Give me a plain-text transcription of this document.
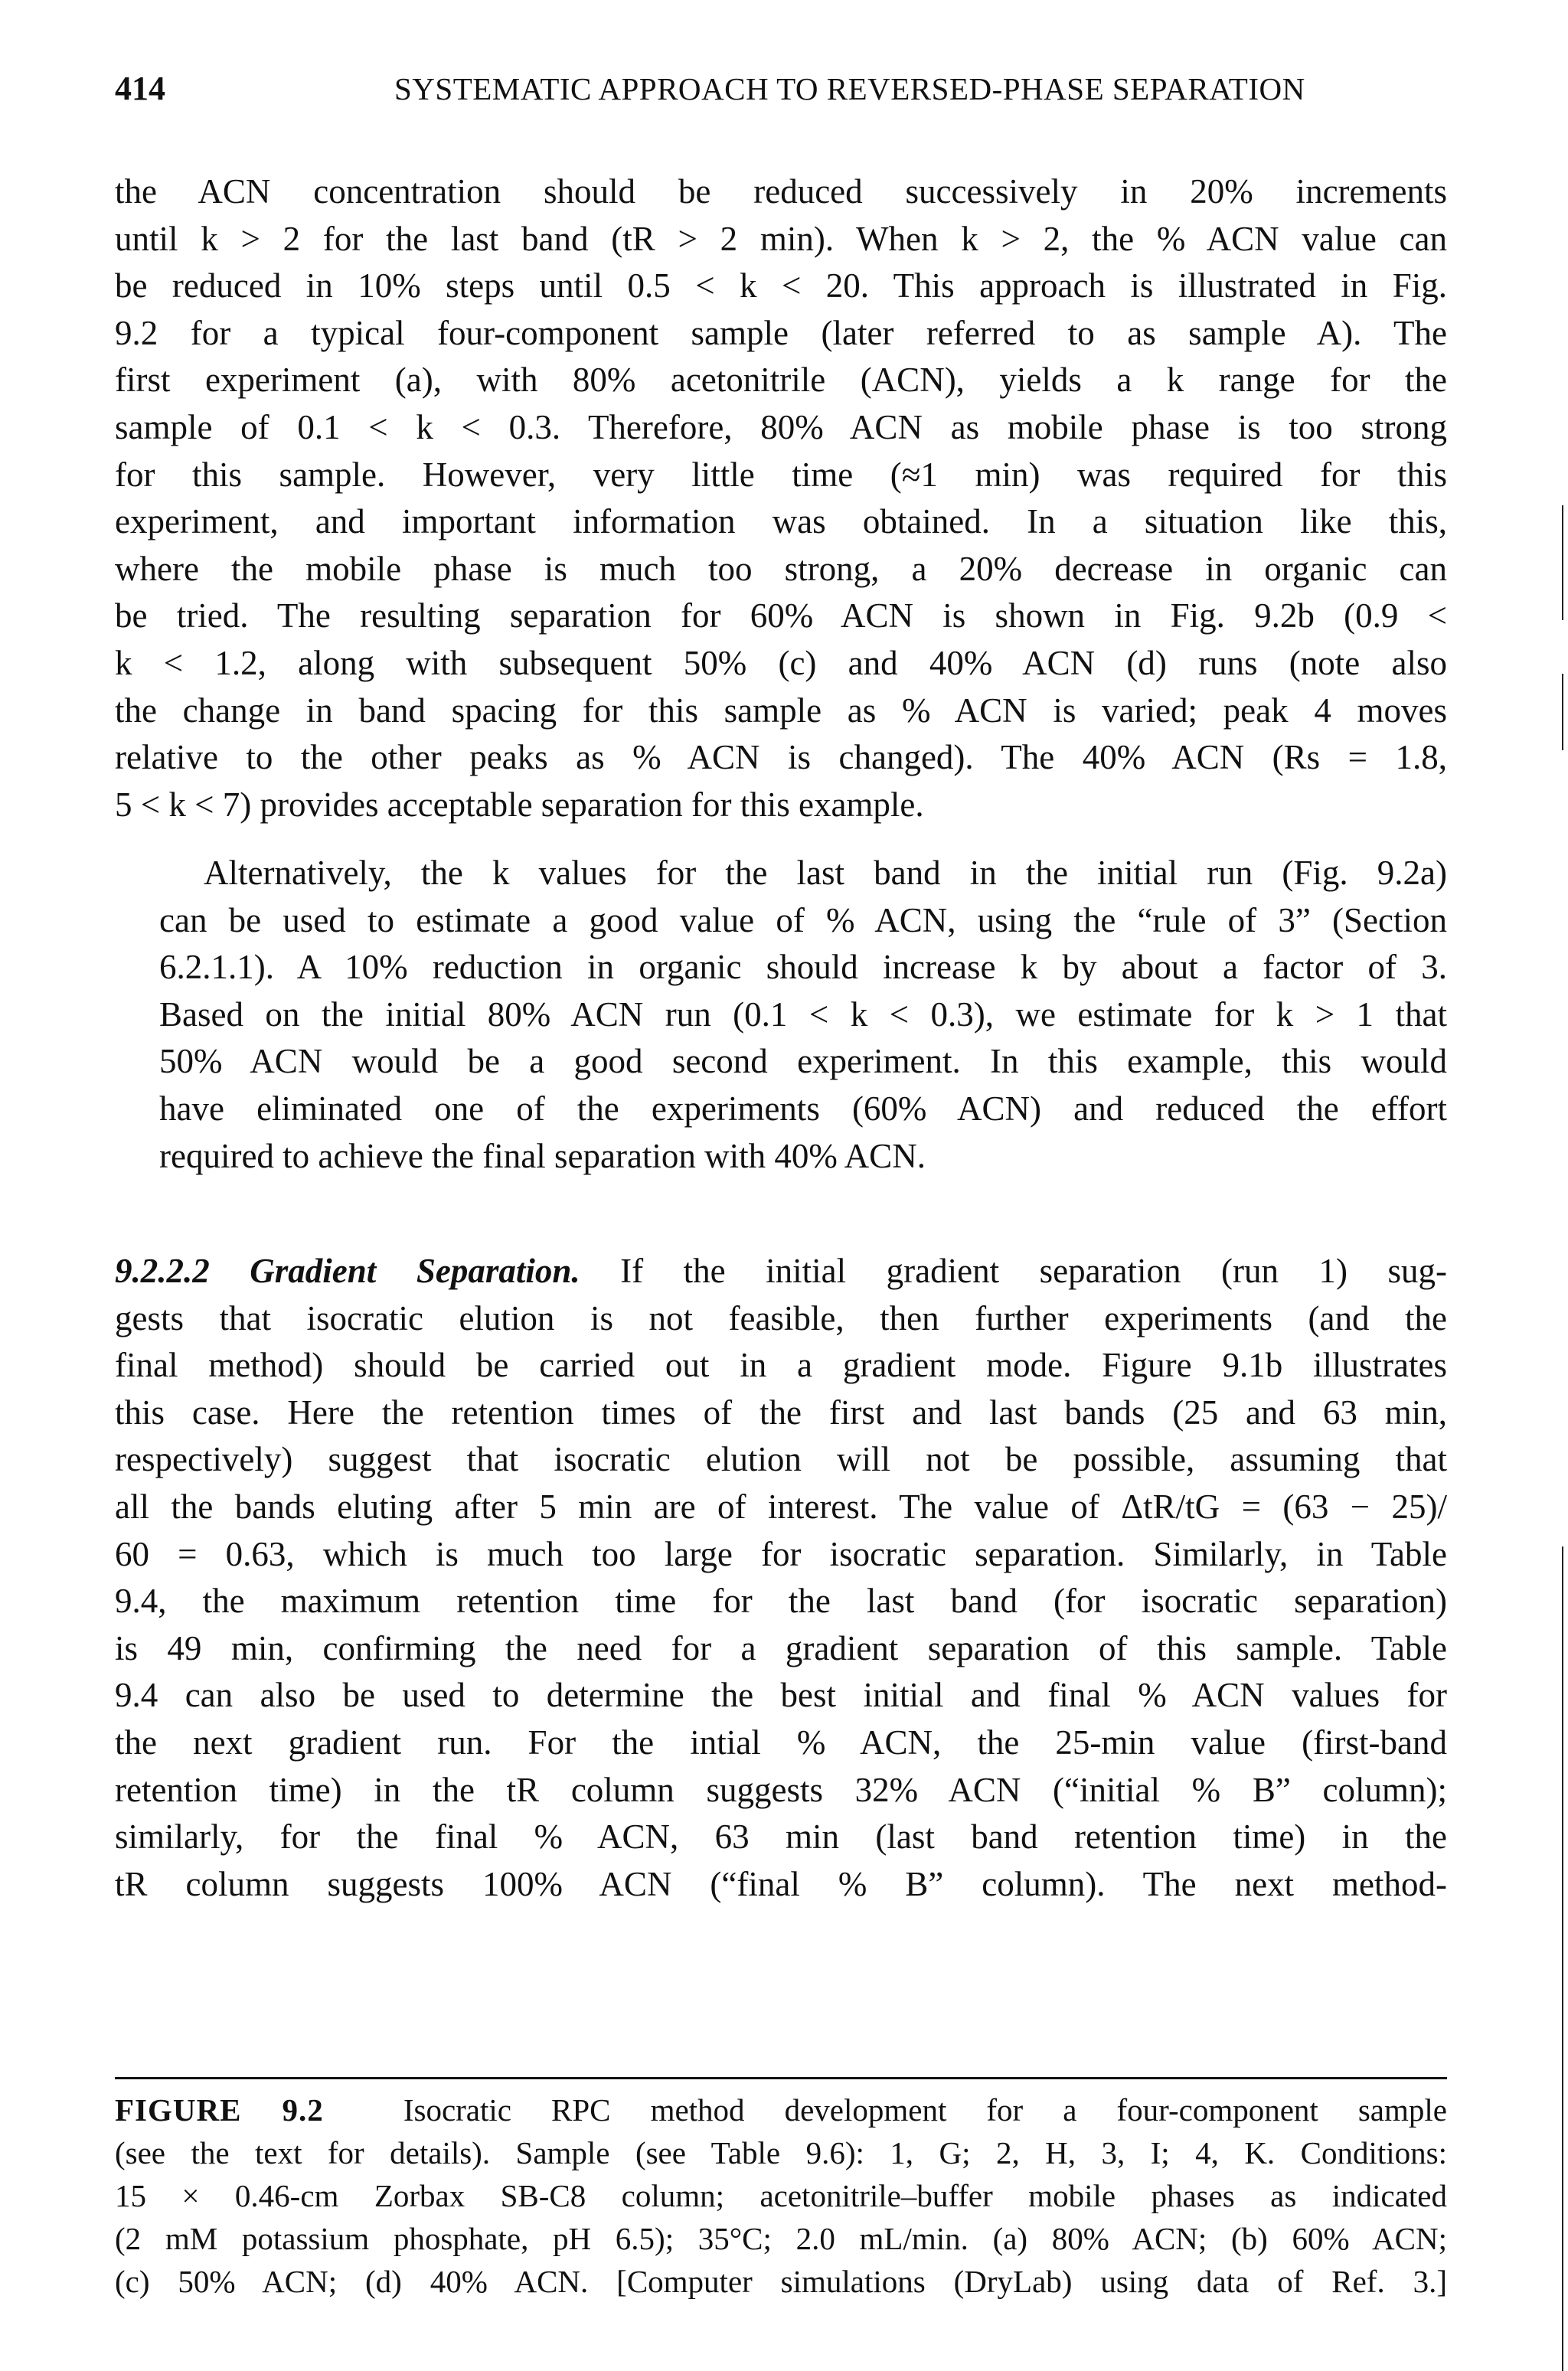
414	SYSTEMATIC APPROACH TO REVERSED-PHASE SEPARATION
the ACN concentration should be reduced successively in 20% increments
until k > 2 for the last band (tR > 2 min). When k > 2, the % ACN value can
be reduced in 10% steps until 0.5 < k < 20. This approach is illustrated in Fig.
9.2 for a typical four-component sample (later referred to as sample A). The
first experiment (a), with 80% acetonitrile (ACN), yields a k range for the
sample of 0.1 < k < 0.3. Therefore, 80% ACN as mobile phase is too strong
for this sample. However, very little time (≈1 min) was required for this
experiment, and important information was obtained. In a situation like this,
where the mobile phase is much too strong, a 20% decrease in organic can
be tried. The resulting separation for 60% ACN is shown in Fig. 9.2b (0.9 <
k < 1.2, along with subsequent 50% (c) and 40% ACN (d) runs (note also
the change in band spacing for this sample as % ACN is varied; peak 4 moves
relative to the other peaks as % ACN is changed). The 40% ACN (Rs = 1.8,
5 < k < 7) provides acceptable separation for this example.
Alternatively, the k values for the last band in the initial run (Fig. 9.2a)
can be used to estimate a good value of % ACN, using the “rule of 3” (Section
6.2.1.1). A 10% reduction in organic should increase k by about a factor of 3.
Based on the initial 80% ACN run (0.1 < k < 0.3), we estimate for k > 1 that
50% ACN would be a good second experiment. In this example, this would
have eliminated one of the experiments (60% ACN) and reduced the effort
required to achieve the final separation with 40% ACN.
9.2.2.2 Gradient Separation. If the initial gradient separation (run 1) sug-
gests that isocratic elution is not feasible, then further experiments (and the
final method) should be carried out in a gradient mode. Figure 9.1b illustrates
this case. Here the retention times of the first and last bands (25 and 63 min,
respectively) suggest that isocratic elution will not be possible, assuming that
all the bands eluting after 5 min are of interest. The value of ΔtR/tG = (63 − 25)/
60 = 0.63, which is much too large for isocratic separation. Similarly, in Table
9.4, the maximum retention time for the last band (for isocratic separation)
is 49 min, confirming the need for a gradient separation of this sample. Table
9.4 can also be used to determine the best initial and final % ACN values for
the next gradient run. For the intial % ACN, the 25-min value (first-band
retention time) in the tR column suggests 32% ACN (“initial % B” column);
similarly, for the final % ACN, 63 min (last band retention time) in the
tR column suggests 100% ACN (“final % B” column). The next method-
FIGURE 9.2	Isocratic RPC method development for a four-component sample
(see the text for details). Sample (see Table 9.6): 1, G; 2, H, 3, I; 4, K. Conditions:
15 × 0.46-cm Zorbax SB-C8 column; acetonitrile–buffer mobile phases as indicated
(2 mM potassium phosphate, pH 6.5); 35°C; 2.0 mL/min. (a) 80% ACN; (b) 60% ACN;
(c) 50% ACN; (d) 40% ACN. [Computer simulations (DryLab) using data of Ref. 3.]
